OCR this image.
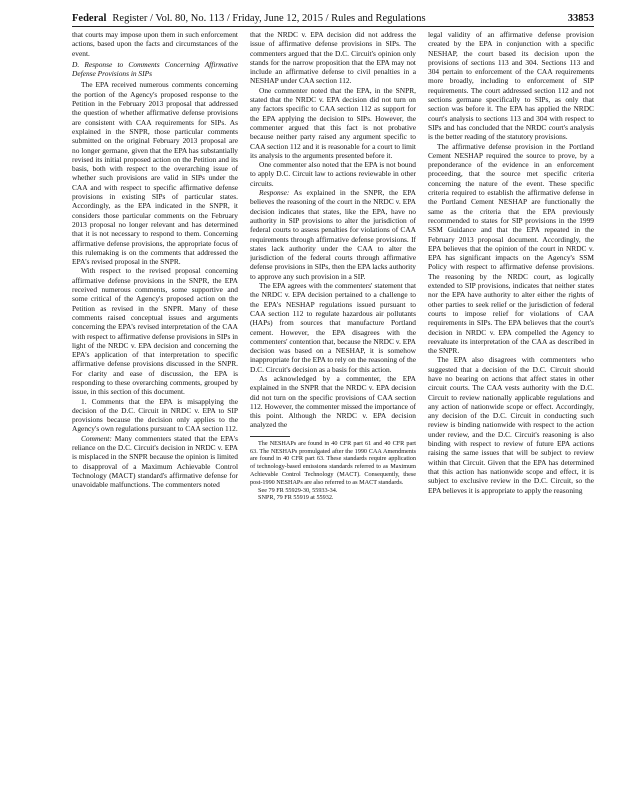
Federal Register / Vol. 80, No. 113 / Friday, June 12, 2015 / Rules and Regulations	33853

that courts may impose upon them in such enforcement actions, based upon the facts and circumstances of the event.

D. Response to Comments Concerning Affirmative Defense Provisions in SIPs

The EPA received numerous comments concerning the portion of the Agency's proposed response to the Petition in the February 2013 proposal that addressed the question of whether affirmative defense provisions are consistent with CAA requirements for SIPs. As explained in the SNPR, those particular comments submitted on the original February 2013 proposal are no longer germane, given that the EPA has substantially revised its initial proposed action on the Petition and its basis, both with respect to the overarching issue of whether such provisions are valid in SIPs under the CAA and with respect to specific affirmative defense provisions in existing SIPs of particular states. Accordingly, as the EPA indicated in the SNPR, it considers those particular comments on the February 2013 proposal no longer relevant and has determined that it is not necessary to respond to them. Concerning affirmative defense provisions, the appropriate focus of this rulemaking is on the comments that addressed the EPA's revised proposal in the SNPR.

With respect to the revised proposal concerning affirmative defense provisions in the SNPR, the EPA received numerous comments, some supportive and some critical of the Agency's proposed action on the Petition as revised in the SNPR. Many of these comments raised conceptual issues and arguments concerning the EPA's revised interpretation of the CAA with respect to affirmative defense provisions in SIPs in light of the NRDC v. EPA decision and concerning the EPA's application of that interpretation to specific affirmative defense provisions discussed in the SNPR. For clarity and ease of discussion, the EPA is responding to these overarching comments, grouped by issue, in this section of this document.

1. Comments that the EPA is misapplying the decision of the D.C. Circuit in NRDC v. EPA to SIP provisions because the decision only applies to the Agency's own regulations pursuant to CAA section 112.

Comment: Many commenters stated that the EPA's reliance on the D.C. Circuit's decision in NRDC v. EPA is misplaced in the SNPR because the opinion is limited to disapproval of a Maximum Achievable Control Technology (MACT) standard's affirmative defense for unavoidable malfunctions. The commenters noted

that the NRDC v. EPA decision did not address the issue of affirmative defense provisions in SIPs. The commenters argued that the D.C. Circuit's opinion only stands for the narrow proposition that the EPA may not include an affirmative defense to civil penalties in a NESHAP under CAA section 112.

One commenter noted that the EPA, in the SNPR, stated that the NRDC v. EPA decision did not turn on any factors specific to CAA section 112 as support for the EPA applying the decision to SIPs. However, the commenter argued that this fact is not probative because neither party raised any argument specific to CAA section 112 and it is reasonable for a court to limit its analysis to the arguments presented before it.

One commenter also noted that the EPA is not bound to apply D.C. Circuit law to actions reviewable in other circuits.

Response: As explained in the SNPR, the EPA believes the reasoning of the court in the NRDC v. EPA decision indicates that states, like the EPA, have no authority in SIP provisions to alter the jurisdiction of federal courts to assess penalties for violations of CAA requirements through affirmative defense provisions. If states lack authority under the CAA to alter the jurisdiction of the federal courts through affirmative defense provisions in SIPs, then the EPA lacks authority to approve any such provision in a SIP.

The EPA agrees with the commenters' statement that the NRDC v. EPA decision pertained to a challenge to the EPA's NESHAP regulations issued pursuant to CAA section 112 to regulate hazardous air pollutants (HAPs) from sources that manufacture Portland cement. However, the EPA disagrees with the commenters' contention that, because the NRDC v. EPA decision was based on a NESHAP, it is somehow inappropriate for the EPA to rely on the reasoning of the D.C. Circuit's decision as a basis for this action.

As acknowledged by a commenter, the EPA explained in the SNPR that the NRDC v. EPA decision did not turn on the specific provisions of CAA section 112. However, the commenter missed the importance of this point. Although the NRDC v. EPA decision analyzed the

The NESHAPs are found in 40 CFR part 61 and 40 CFR part 63. The NESHAPs promulgated after the 1990 CAA Amendments are found in 40 CFR part 63. These standards require application of technology-based emissions standards referred to as Maximum Achievable Control Technology (MACT). Consequently, these post-1990 NESHAPs are also referred to as MACT standards.

See 79 FR 55929-30, 55933-34.

SNPR, 79 FR 55919 at 55932.

legal validity of an affirmative defense provision created by the EPA in conjunction with a specific NESHAP, the court based its decision upon the provisions of sections 113 and 304. Sections 113 and 304 pertain to enforcement of the CAA requirements more broadly, including to enforcement of SIP requirements. The court addressed section 112 and not sections germane specifically to SIPs, as only that section was before it. The EPA has applied the NRDC court's analysis to sections 113 and 304 with respect to SIPs and has concluded that the NRDC court's analysis is the better reading of the statutory provisions.

The affirmative defense provision in the Portland Cement NESHAP required the source to prove, by a preponderance of the evidence in an enforcement proceeding, that the source met specific criteria concerning the nature of the event. These specific criteria required to establish the affirmative defense in the Portland Cement NESHAP are functionally the same as the criteria that the EPA previously recommended to states for SIP provisions in the 1999 SSM Guidance and that the EPA repeated in the February 2013 proposal document. Accordingly, the EPA believes that the opinion of the court in NRDC v. EPA has significant impacts on the Agency's SSM Policy with respect to affirmative defense provisions. The reasoning by the NRDC court, as logically extended to SIP provisions, indicates that neither states nor the EPA have authority to alter either the rights of other parties to seek relief or the jurisdiction of federal courts to impose relief for violations of CAA requirements in SIPs. The EPA believes that the court's decision in NRDC v. EPA compelled the Agency to reevaluate its interpretation of the CAA as described in the SNPR.

The EPA also disagrees with commenters who suggested that a decision of the D.C. Circuit should have no bearing on actions that affect states in other circuit courts. The CAA vests authority with the D.C. Circuit to review nationally applicable regulations and any action of nationwide scope or effect. Accordingly, any decision of the D.C. Circuit in conducting such review is binding nationwide with respect to the action under review, and the D.C. Circuit's reasoning is also binding with respect to review of future EPA actions raising the same issues that will be subject to review within that Circuit. Given that the EPA has determined that this action has nationwide scope and effect, it is subject to exclusive review in the D.C. Circuit, so the EPA believes it is appropriate to apply the reasoning
